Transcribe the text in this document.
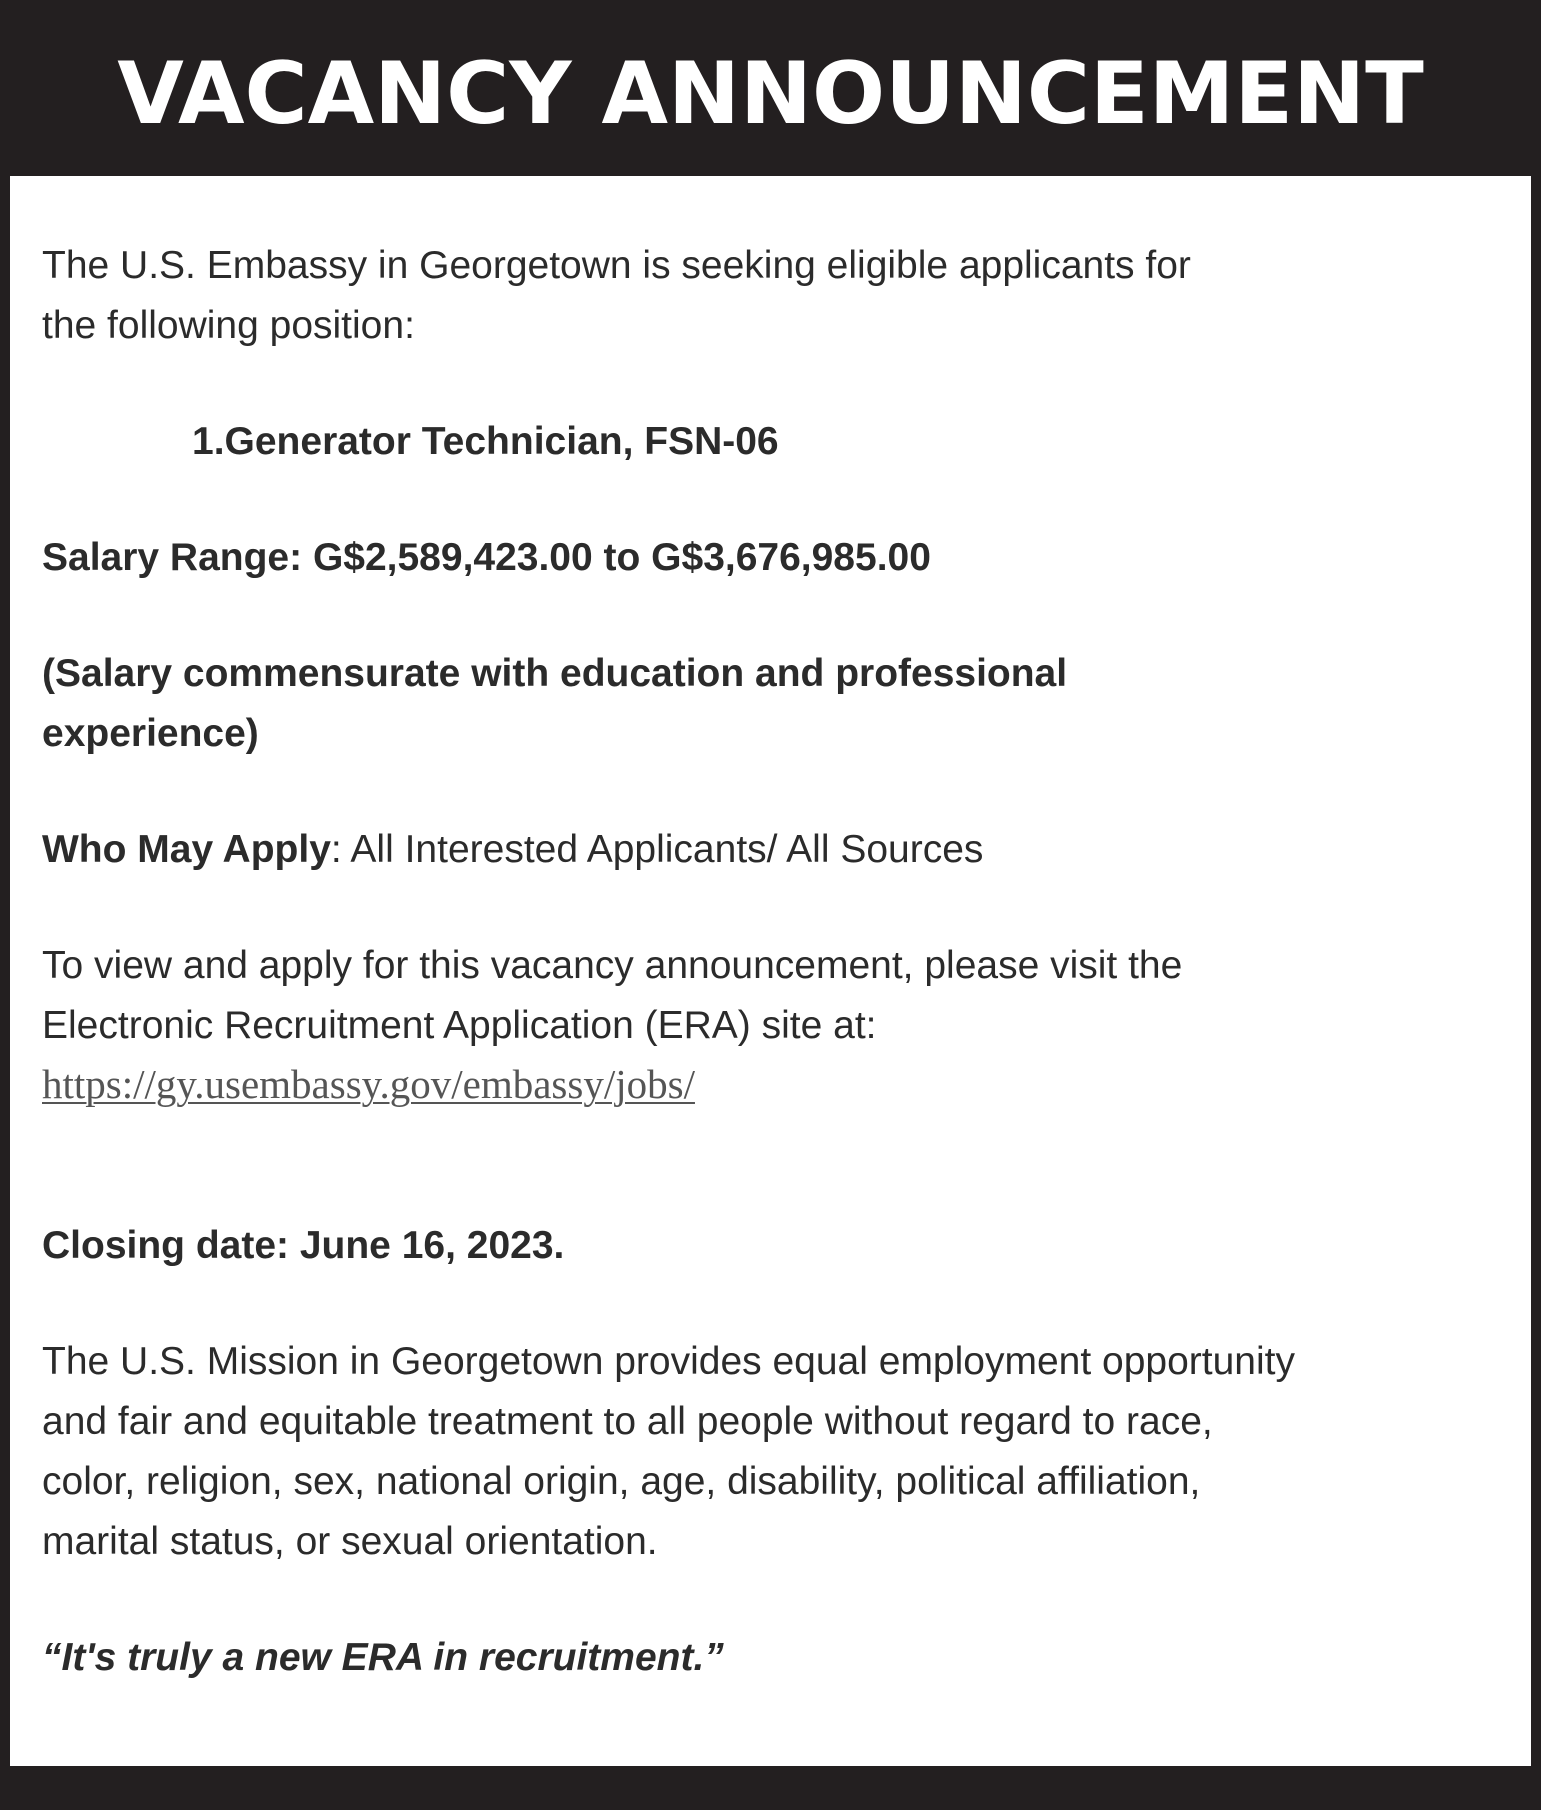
VACANCY ANNOUNCEMENT
The U.S. Embassy in Georgetown is seeking eligible applicants for
the following position:
1.Generator Technician, FSN-06
Salary Range: G$2,589,423.00 to G$3,676,985.00
(Salary commensurate with education and professional
experience)
Who May Apply: All Interested Applicants/ All Sources
To view and apply for this vacancy announcement, please visit the
Electronic Recruitment Application (ERA) site at:
https://gy.usembassy.gov/embassy/jobs/
Closing date: June 16, 2023.
The U.S. Mission in Georgetown provides equal employment opportunity
and fair and equitable treatment to all people without regard to race,
color, religion, sex, national origin, age, disability, political affiliation,
marital status, or sexual orientation.
“It's truly a new ERA in recruitment.”
